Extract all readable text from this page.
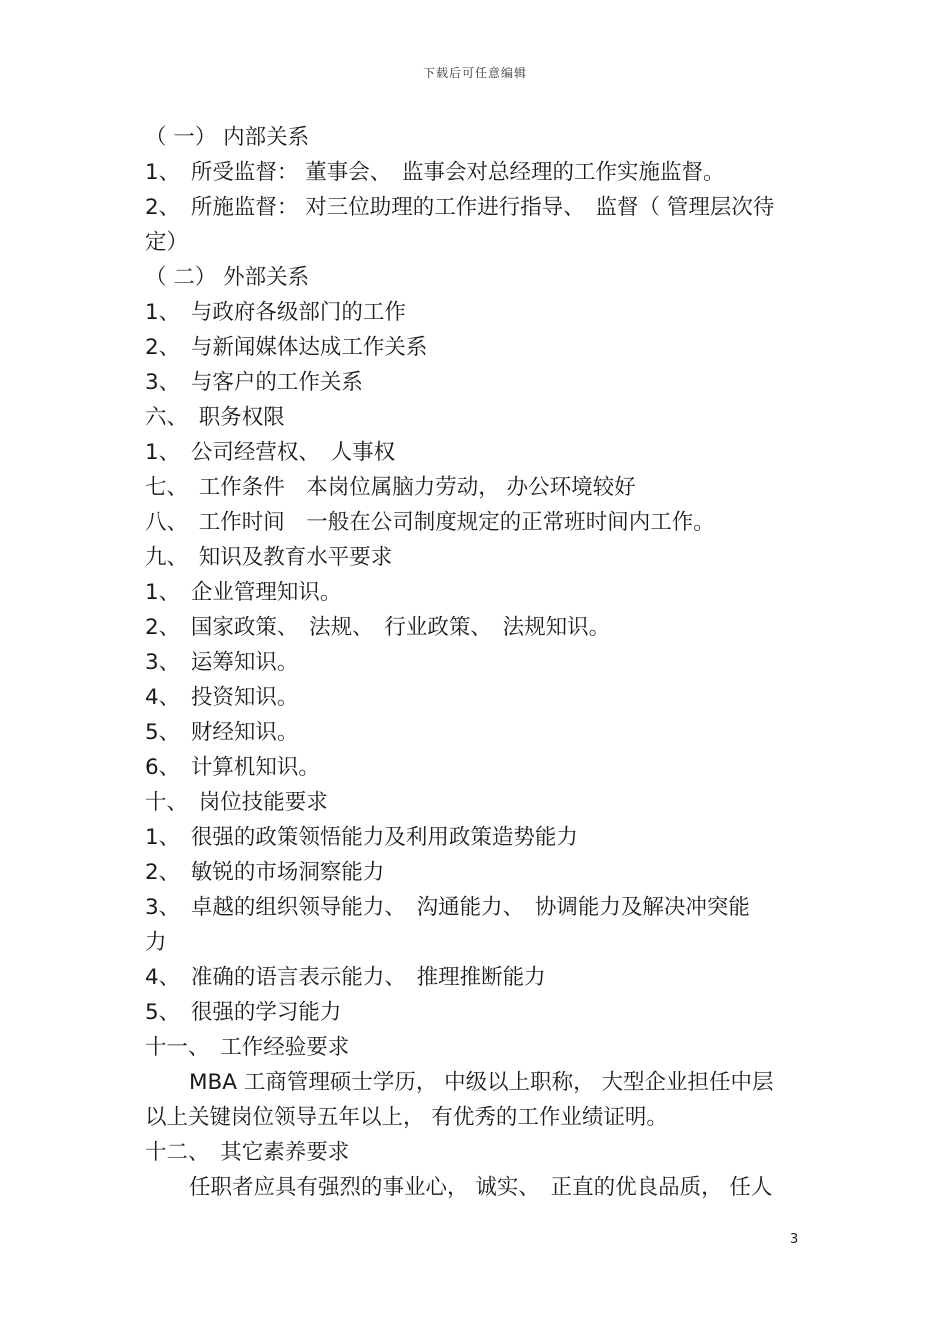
下载后可任意编辑
（ 一） 内部关系
1、　所受监督： 董事会、　监事会对总经理的工作实施监督。
2、　所施监督： 对三位助理的工作进行指导、　监督（ 管理层次待
定）
（ 二） 外部关系
1、　与政府各级部门的工作
2、　与新闻媒体达成工作关系
3、　与客户的工作关系
六、　职务权限
1、　公司经营权、　人事权
七、　工作条件　本岗位属脑力劳动， 办公环境较好
八、　工作时间　一般在公司制度规定的正常班时间内工作。
九、　知识及教育水平要求
1、　企业管理知识。
2、　国家政策、　法规、　行业政策、　法规知识。
3、　运筹知识。
4、　投资知识。
5、　财经知识。
6、　计算机知识。
十、　岗位技能要求
1、　很强的政策领悟能力及利用政策造势能力
2、　敏锐的市场洞察能力
3、　卓越的组织领导能力、　沟通能力、　协调能力及解决冲突能
力
4、　准确的语言表示能力、　推理推断能力
5、　很强的学习能力
十一、　工作经验要求
MBA 工商管理硕士学历， 中级以上职称， 大型企业担任中层
以上关键岗位领导五年以上， 有优秀的工作业绩证明。
十二、　其它素养要求
任职者应具有强烈的事业心， 诚实、　正直的优良品质， 任人
3
